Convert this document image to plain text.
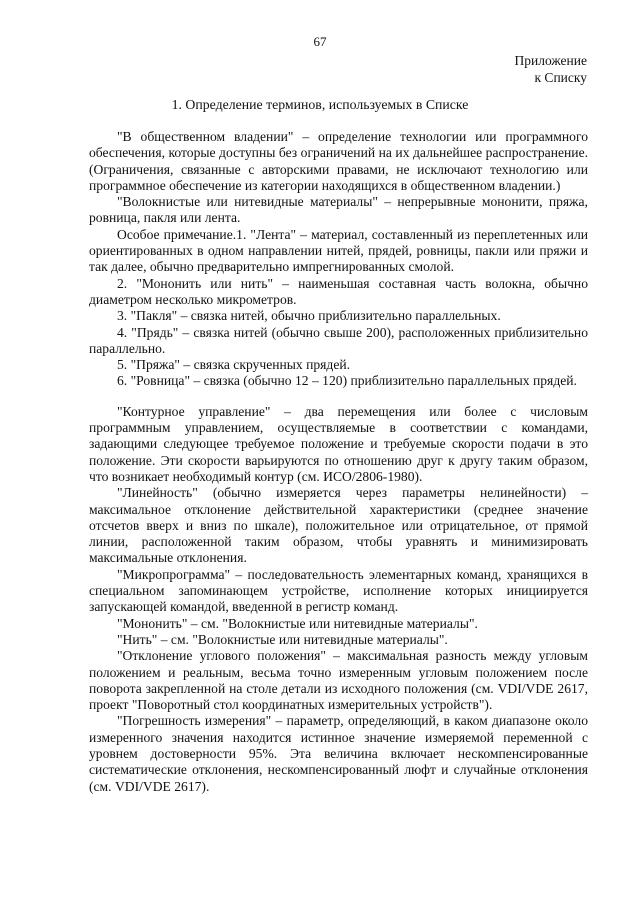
67
Приложение
к Списку
1. Определение терминов, используемых в Списке

"В общественном владении" – определение технологии или программного обеспечения, которые доступны без ограничений на их дальнейшее распространение. (Ограничения, связанные с авторскими правами, не исключают технологию или программное обеспечение из категории находящихся в общественном владении.)

"Волокнистые или нитевидные материалы" – непрерывные мононити, пряжа, ровница, пакля или лента.

Особое примечание.1. "Лента" – материал, составленный из переплетенных или ориентированных в одном направлении нитей, прядей, ровницы, пакли или пряжи и так далее, обычно предварительно импрегнированных смолой.

2. "Мононить или нить" – наименьшая составная часть волокна, обычно диаметром несколько микрометров.

3. "Пакля" – связка нитей, обычно приблизительно параллельных.

4. "Прядь" – связка нитей (обычно свыше 200), расположенных приблизительно параллельно.

5. "Пряжа" – связка скрученных прядей.

6. "Ровница" – связка (обычно 12 – 120) приблизительно параллельных прядей.

"Контурное управление" – два перемещения или более с числовым программным управлением, осуществляемые в соответствии с командами, задающими следующее требуемое положение и требуемые скорости подачи в это положение. Эти скорости варьируются по отношению друг к другу таким образом, что возникает необходимый контур (см. ИСО/2806-1980).

"Линейность" (обычно измеряется через параметры нелинейности) – максимальное отклонение действительной характеристики (среднее значение отсчетов вверх и вниз по шкале), положительное или отрицательное, от прямой линии, расположенной таким образом, чтобы уравнять и минимизировать максимальные отклонения.

"Микропрограмма" – последовательность элементарных команд, хранящихся в специальном запоминающем устройстве, исполнение которых инициируется запускающей командой, введенной в регистр команд.

"Мононить" – см. "Волокнистые или нитевидные материалы".

"Нить" – см. "Волокнистые или нитевидные материалы".

"Отклонение углового положения" – максимальная разность между угловым положением и реальным, весьма точно измеренным угловым положением после поворота закрепленной на столе детали из исходного положения (см. VDI/VDE 2617, проект "Поворотный стол координатных измерительных устройств").

"Погрешность измерения" – параметр, определяющий, в каком диапазоне около измеренного значения находится истинное значение измеряемой переменной с уровнем достоверности 95%. Эта величина включает нескомпенсированные систематические отклонения, нескомпенсированный люфт и случайные отклонения (см. VDI/VDE 2617).
